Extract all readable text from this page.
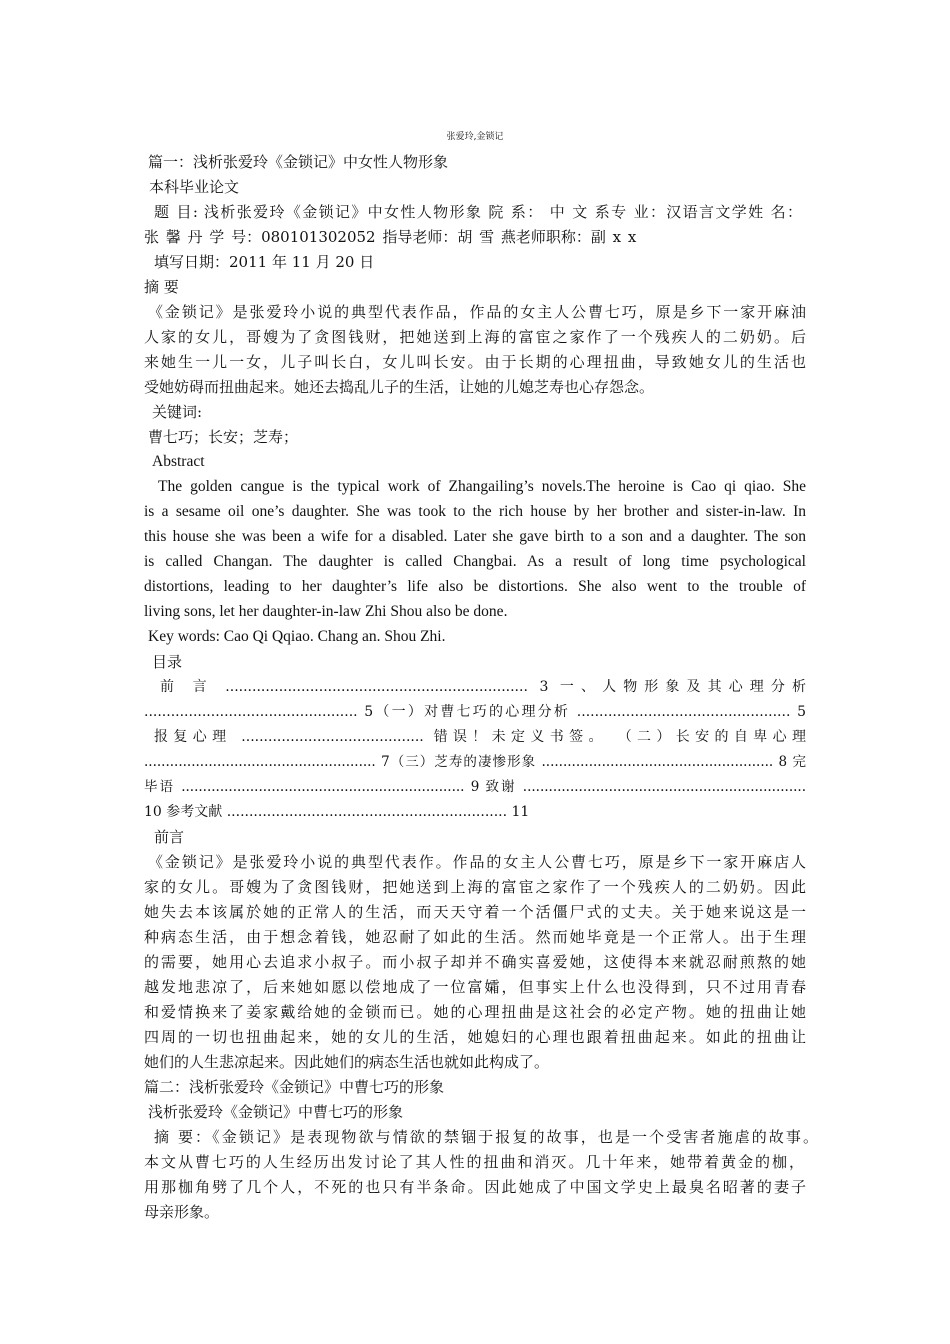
张爱玲,金锁记
篇一：浅析张爱玲《金锁记》中女性人物形象
本科毕业论文
题 目: 浅析张爱玲《金锁记》中女性人物形象 院 系： 中 文 系专 业：汉语言文学姓 名：
张 馨 丹 学 号：080101302052 指导老师：胡 雪 燕老师职称：副 x x
填写日期：2011 年 11 月 20 日
摘 要
《金锁记》是张爱玲小说的典型代表作品，作品的女主人公曹七巧，原是乡下一家开麻油
人家的女儿，哥嫂为了贪图钱财，把她送到上海的富宦之家作了一个残疾人的二奶奶。后
来她生一儿一女，儿子叫长白，女儿叫长安。由于长期的心理扭曲，导致她女儿的生活也
受她妨碍而扭曲起来。她还去捣乱儿子的生活，让她的儿媳芝寿也心存怨念。
关键词:
曹七巧；长安；芝寿；
Abstract
The golden cangue is the typical work of Zhangailing’s novels.The heroine is Cao qi qiao. She
is a sesame oil one’s daughter. She was took to the rich house by her brother and sister-in-law. In
this house she was been a wife for a disabled. Later she gave birth to a son and a daughter. The son
is called Changan. The daughter is called Changbai. As a result of long time psychological
distortions, leading to her daughter’s life also be distortions. She also went to the trouble of
living sons, let her daughter-in-law Zhi Shou also be done.
Key words: Cao Qi Qqiao. Chang an. Shou Zhi.
目录
前 言 .................................................................... 3 一、人物形象及其心理分析
................................................ 5（一）对曹七巧的心理分析 ................................................ 5
报复心理 ......................................... 错误！未定义书签。 （二）长安的自卑心理
...................................................... 7（三）芝寿的凄惨形象 ...................................................... 8 完
毕语 .................................................................. 9 致谢 ..................................................................
10 参考文献 ............................................................... 11
前言
《金锁记》是张爱玲小说的典型代表作。作品的女主人公曹七巧，原是乡下一家开麻店人
家的女儿。哥嫂为了贪图钱财，把她送到上海的富宦之家作了一个残疾人的二奶奶。因此
她失去本该属於她的正常人的生活，而天天守着一个活僵尸式的丈夫。关于她来说这是一
种病态生活，由于想念着钱，她忍耐了如此的生活。然而她毕竟是一个正常人。出于生理
的需要，她用心去追求小叔子。而小叔子却并不确实喜爱她，这使得本来就忍耐煎熬的她
越发地悲凉了，后来她如愿以偿地成了一位富孀，但事实上什么也没得到，只不过用青春
和爱情换来了姜家戴给她的金锁而已。她的心理扭曲是这社会的必定产物。她的扭曲让她
四周的一切也扭曲起来，她的女儿的生活，她媳妇的心理也跟着扭曲起来。如此的扭曲让
她们的人生悲凉起来。因此她们的病态生活也就如此构成了。
篇二：浅析张爱玲《金锁记》中曹七巧的形象
浅析张爱玲《金锁记》中曹七巧的形象
摘 要：《金锁记》是表现物欲与情欲的禁锢于报复的故事，也是一个受害者施虐的故事。
本文从曹七巧的人生经历出发讨论了其人性的扭曲和消灭。几十年来，她带着黄金的枷，
用那枷角劈了几个人，不死的也只有半条命。因此她成了中国文学史上最臭名昭著的妻子
母亲形象。
